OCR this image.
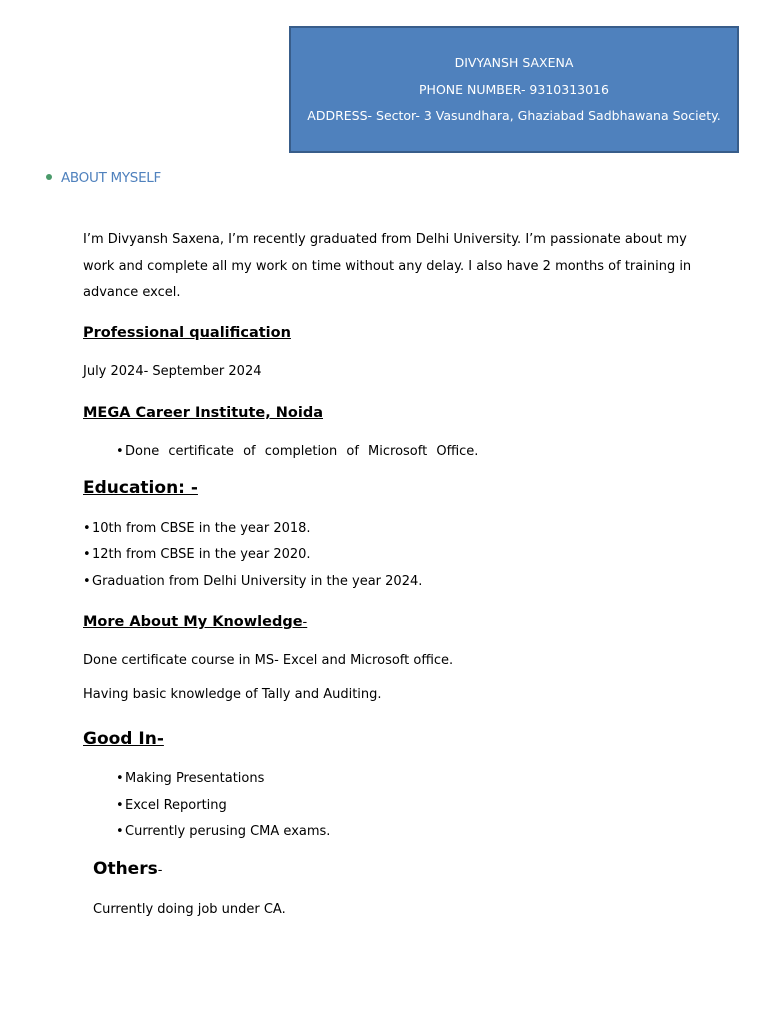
DIVYANSH SAXENA
PHONE NUMBER- 9310313016
ADDRESS- Sector- 3 Vasundhara, Ghaziabad Sadbhawana Society.
ABOUT MYSELF
I’m Divyansh Saxena, I’m recently graduated from Delhi University. I’m passionate about my work and complete all my work on time without any delay. I also have 2 months of training in advance excel.
Professional qualification
July 2024- September 2024
MEGA Career Institute, Noida
•Done certificate of completion of Microsoft Office.
Education: -
•10th from CBSE in the year 2018.
•12th from CBSE in the year 2020.
•Graduation from Delhi University in the year 2024.
More About My Knowledge-
Done certificate course in MS- Excel and Microsoft office.
Having basic knowledge of Tally and Auditing.
Good In-
•Making Presentations
•Excel Reporting
•Currently perusing CMA exams.
Others-
Currently doing job under CA.
